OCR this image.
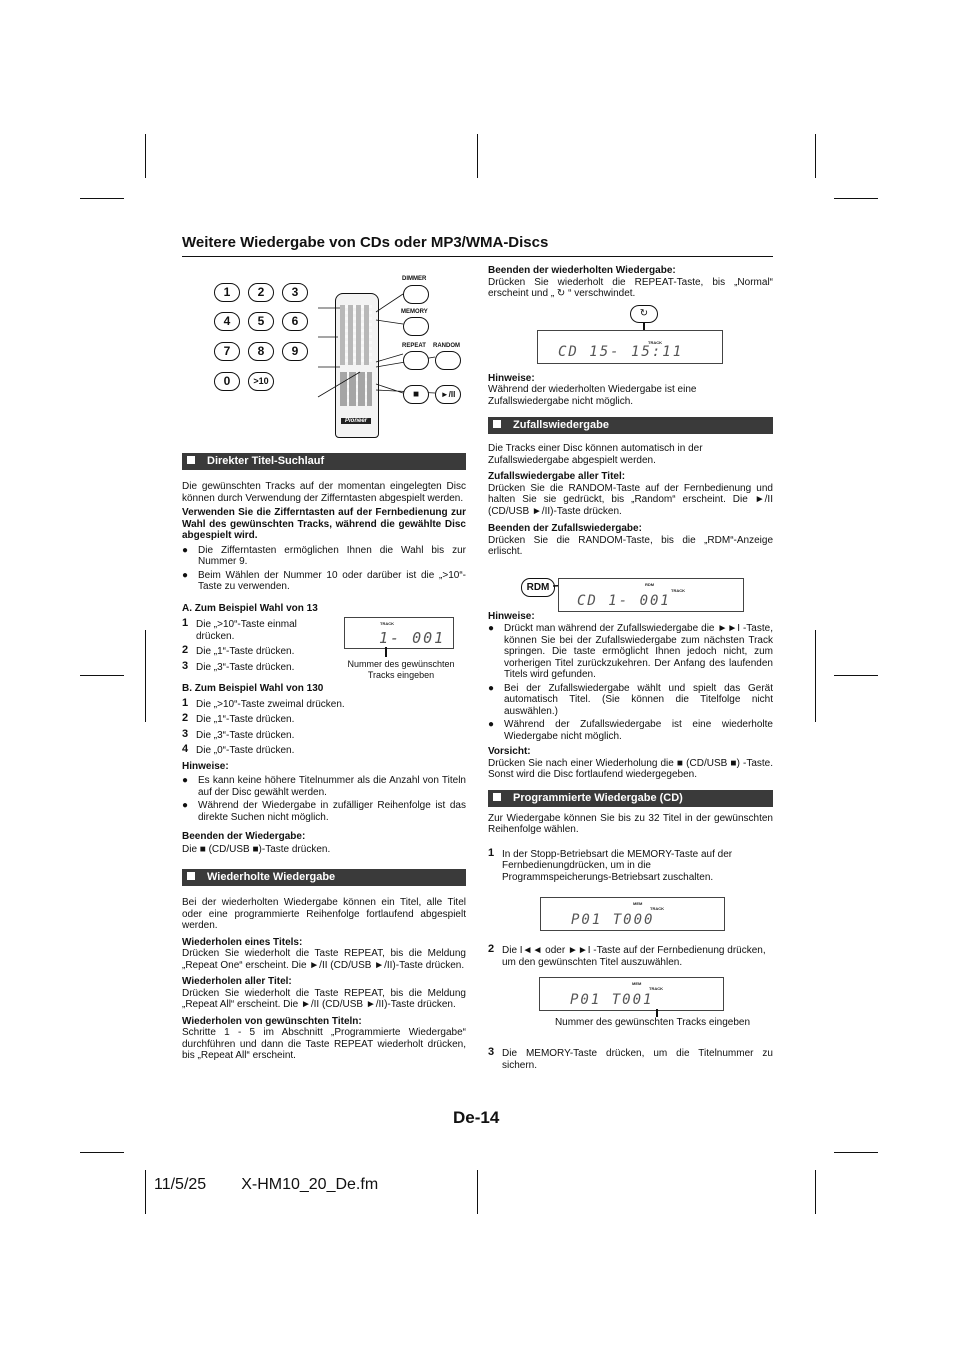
Weitere Wiedergabe von CDs oder MP3/WMA-Discs
1	2	3
4	5	6
7	8	9
0	>10
Pioneer
DIMMER
MEMORY
REPEAT RANDOM
■	►/II
Direkter Titel-Suchlauf

Die gewünschten Tracks auf der momentan eingelegten Disc können durch Verwendung der Zifferntasten abgespielt werden.

Verwenden Sie die Zifferntasten auf der Fernbedienung zur Wahl des gewünschten Tracks, während die gewählte Disc abgespielt wird.

● Die Zifferntasten ermöglichen Ihnen die Wahl bis zur Nummer 9.
● Beim Wählen der Nummer 10 oder darüber ist die „>10“-Taste zu verwenden.

A. Zum Beispiel Wahl von 13

1 Die „>10“-Taste einmal drücken.
2 Die „1“-Taste drücken.
3 Die „3“-Taste drücken.

B. Zum Beispiel Wahl von 130

1 Die „>10“-Taste zweimal drücken.
2 Die „1“-Taste drücken.
3 Die „3“-Taste drücken.
4 Die „0“-Taste drücken.

Hinweise:

● Es kann keine höhere Titelnummer als die Anzahl von Titeln auf der Disc gewählt werden.
● Während der Wiedergabe in zufälliger Reihenfolge ist das direkte Suchen nicht möglich.

Beenden der Wiedergabe:

Die ■ (CD/USB ■)-Taste drücken.

Wiederholte Wiedergabe

Bei der wiederholten Wiedergabe können ein Titel, alle Titel oder eine programmierte Reihenfolge fortlaufend abgespielt werden.

Wiederholen eines Titels:

Drücken Sie wiederholt die Taste REPEAT, bis die Meldung „Repeat One“ erscheint. Die ►/II (CD/USB ►/II)-Taste drücken.

Wiederholen aller Titel:

Drücken Sie wiederholt die Taste REPEAT, bis die Meldung „Repeat All“ erscheint. Die ►/II (CD/USB ►/II)-Taste drücken.

Wiederholen von gewünschten Titeln:

Schritte 1 - 5 im Abschnitt „Programmierte Wiedergabe“ durchführen und dann die Taste REPEAT wiederholt drücken, bis „Repeat All“ erscheint.

TRACK
1- 001
Nummer des gewünschten Tracks eingeben

Beenden der wiederholten Wiedergabe:

Drücken Sie wiederholt die REPEAT-Taste, bis „Normal“ erscheint und „ ↻ “ verschwindet.

Hinweise:

Während der wiederholten Wiedergabe ist eine Zufallswiedergabe nicht möglich.

Zufallswiedergabe

Die Tracks einer Disc können automatisch in der Zufallswiedergabe abgespielt werden.

Zufallswiedergabe aller Titel:

Drücken Sie die RANDOM-Taste auf der Fernbedienung und halten Sie sie gedrückt, bis „Random“ erscheint. Die ►/II (CD/USB ►/II)-Taste drücken.

Beenden der Zufallswiedergabe:

Drücken Sie die RANDOM-Taste, bis die „RDM“-Anzeige erlischt.

Hinweise:

● Drückt man während der Zufallswiedergabe die ►►I -Taste, können Sie bei der Zufallswiedergabe zum nächsten Track springen. Die taste ermöglicht Ihnen jedoch nicht, zum vorherigen Titel zurückzukehren. Der Anfang des laufenden Titels wird gefunden.
● Bei der Zufallswiedergabe wählt und spielt das Gerät automatisch Titel. (Sie können die Titelfolge nicht auswählen.)
● Während der Zufallswiedergabe ist eine wiederholte Wiedergabe nicht möglich.

Vorsicht:

Drücken Sie nach einer Wiederholung die ■ (CD/USB ■) -Taste. Sonst wird die Disc fortlaufend wiedergegeben.

Programmierte Wiedergabe (CD)

Zur Wiedergabe können Sie bis zu 32 Titel in der gewünschten Reihenfolge wählen.

1 In der Stopp-Betriebsart die MEMORY-Taste auf der Fernbedienungdrücken, um in die Programmspeicherungs-Betriebsart zuschalten.
2 Die I◄◄ oder ►►I -Taste auf der Fernbedienung drücken, um den gewünschten Titel auszuwählen.
3 Die MEMORY-Taste drücken, um die Titelnummer zu sichern.
↻
TRACK
CD 15- 15:11
RDM	RDM
TRACK
CD 1- 001
MEM
TRACK
P01 T000
MEM
TRACK
P01 T001
Nummer des gewünschten Tracks eingeben
De-14
11/5/25 X-HM10_20_De.fm
